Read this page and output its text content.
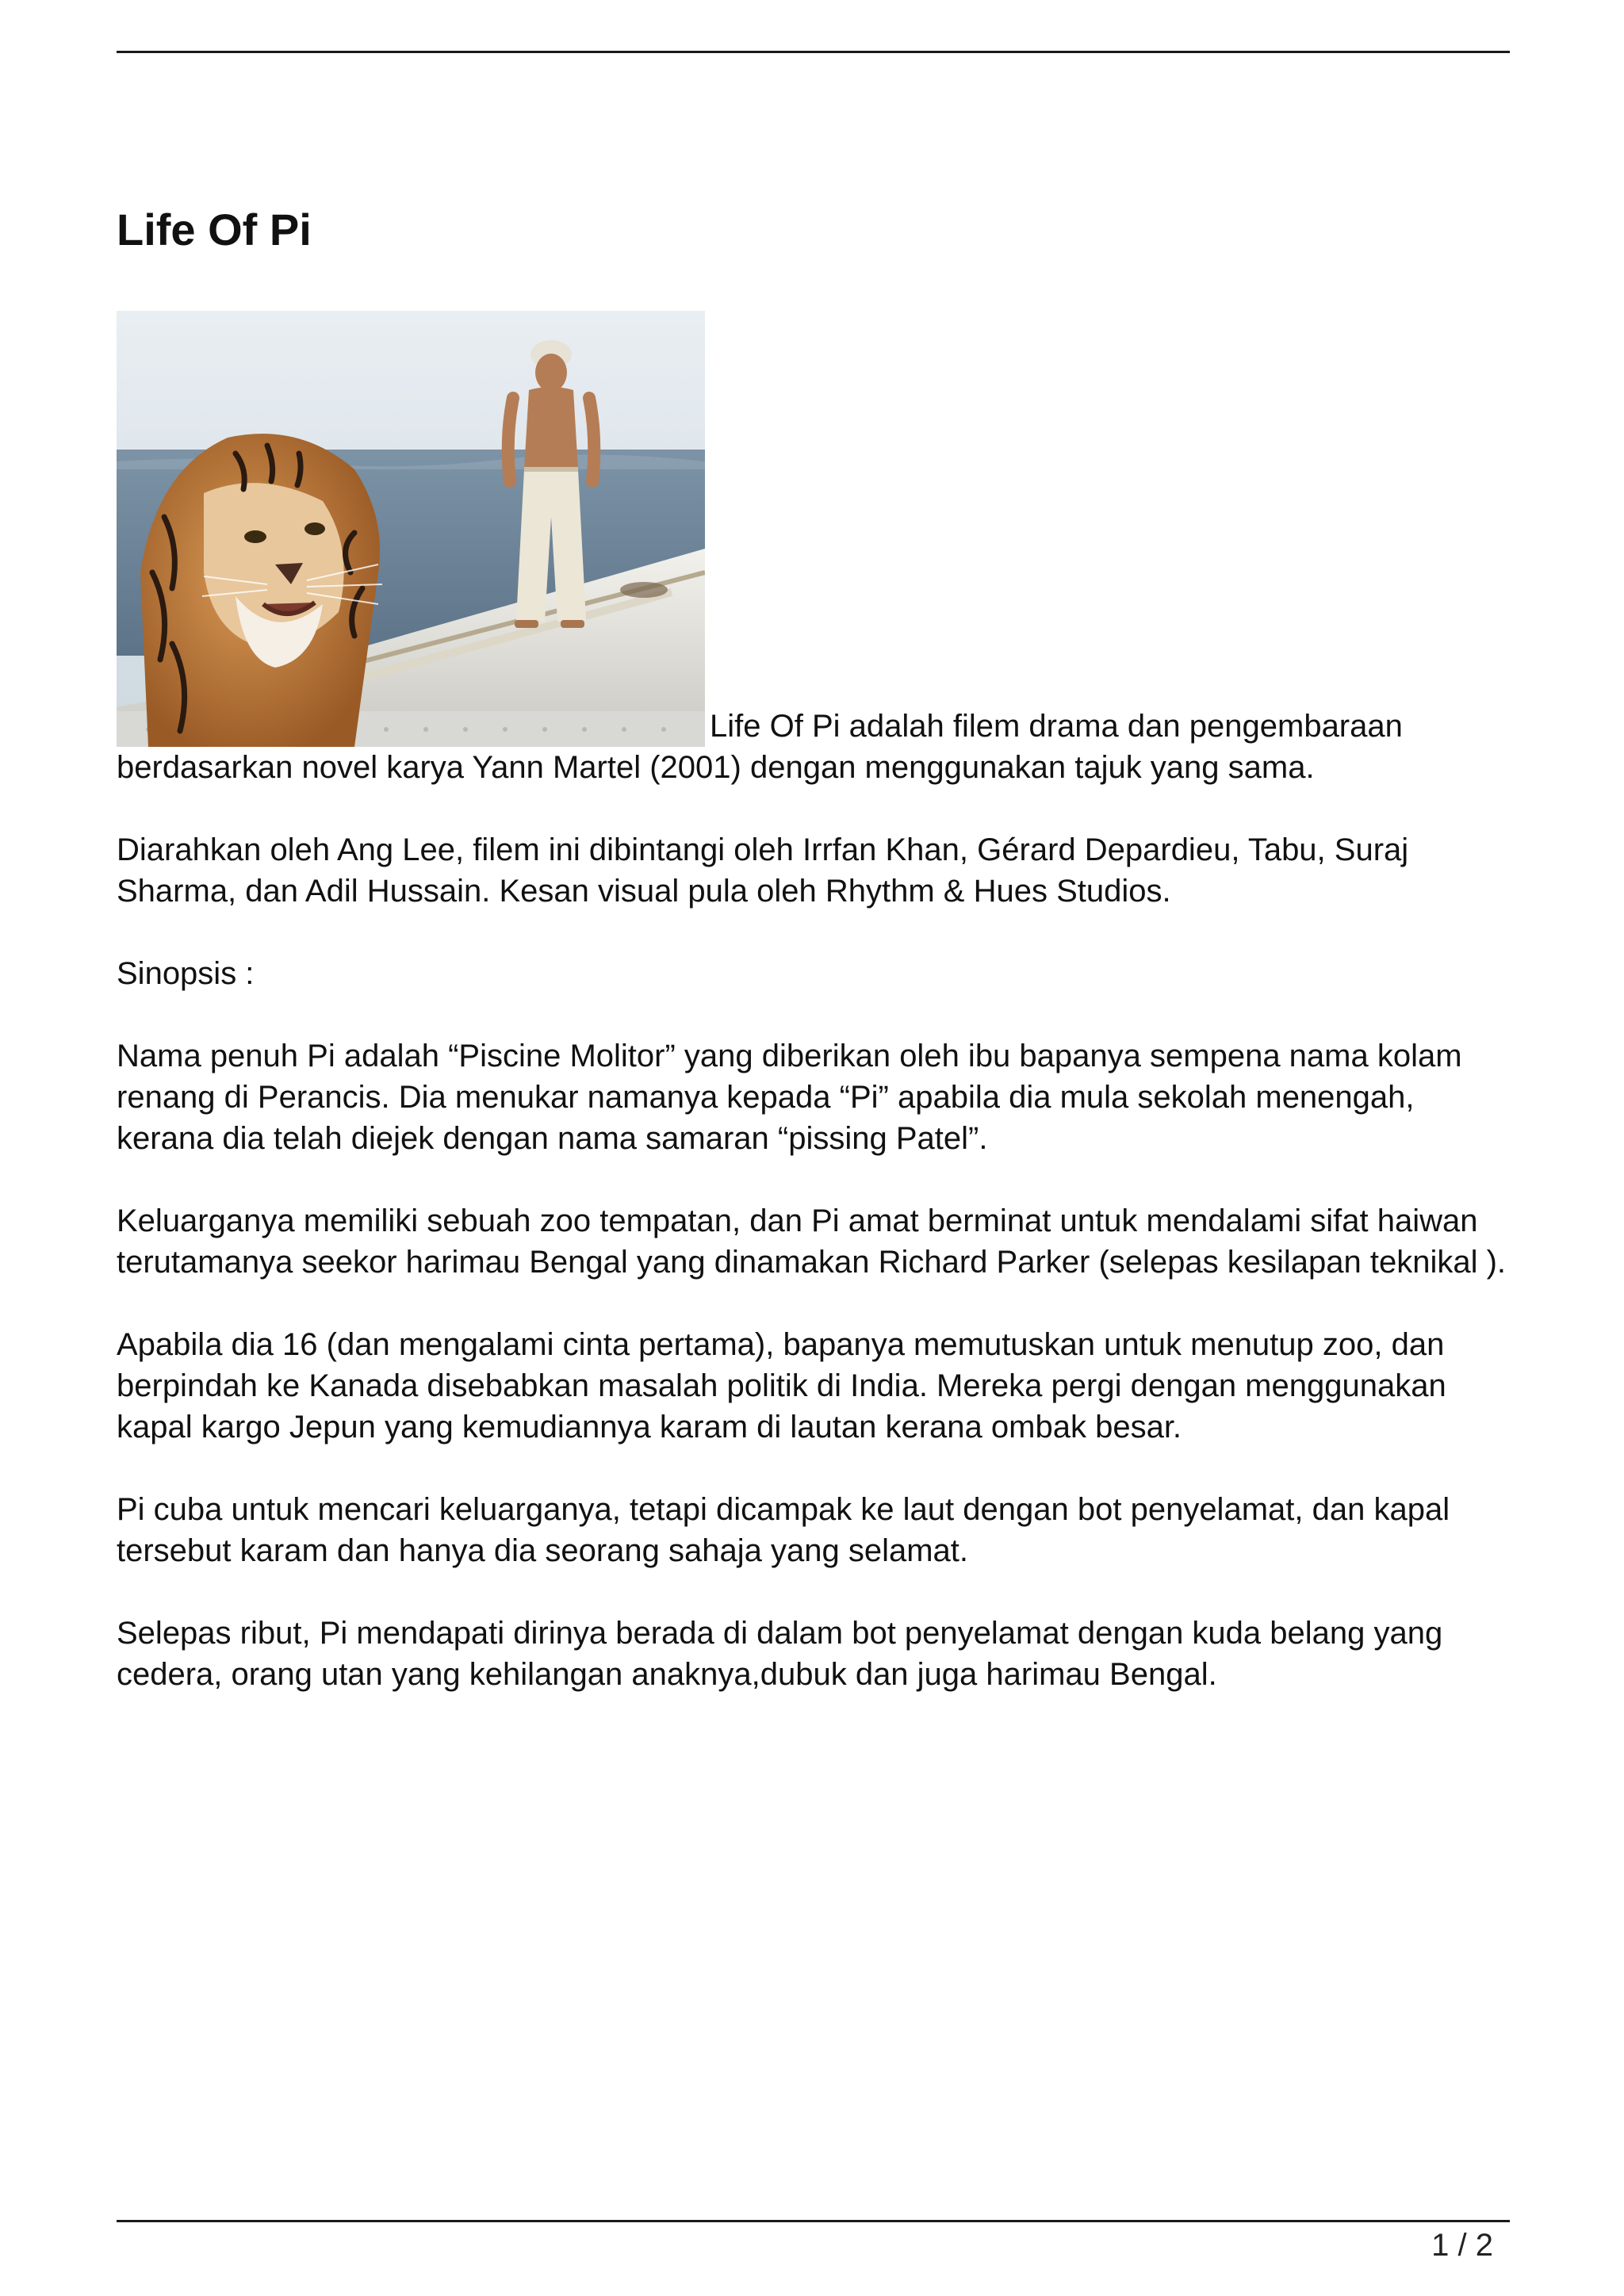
Life Of Pi

Life Of Pi adalah filem drama dan pengembaraan berdasarkan novel karya Yann Martel (2001) dengan menggunakan tajuk yang sama.

Diarahkan oleh Ang Lee, filem ini dibintangi oleh Irrfan Khan, Gérard Depardieu, Tabu, Suraj Sharma, dan Adil Hussain. Kesan visual pula oleh Rhythm & Hues Studios.

Sinopsis :

Nama penuh Pi adalah “Piscine Molitor” yang diberikan oleh ibu bapanya sempena nama kolam renang di Perancis. Dia menukar namanya kepada “Pi” apabila dia mula sekolah menengah, kerana dia telah diejek dengan nama samaran “pissing Patel”.

Keluarganya memiliki sebuah zoo tempatan, dan Pi amat berminat untuk mendalami sifat haiwan terutamanya seekor harimau Bengal yang dinamakan Richard Parker (selepas kesilapan teknikal ).

Apabila dia 16 (dan mengalami cinta pertama), bapanya memutuskan untuk menutup zoo, dan berpindah ke Kanada disebabkan masalah politik di India. Mereka pergi dengan menggunakan kapal kargo Jepun yang kemudiannya karam di lautan kerana ombak besar.

Pi cuba untuk mencari keluarganya, tetapi dicampak ke laut dengan bot penyelamat, dan kapal tersebut karam dan hanya dia seorang sahaja yang selamat.

Selepas ribut, Pi mendapati dirinya berada di dalam bot penyelamat dengan kuda belang yang cedera, orang utan yang kehilangan anaknya,dubuk dan juga harimau Bengal.

1 / 2
